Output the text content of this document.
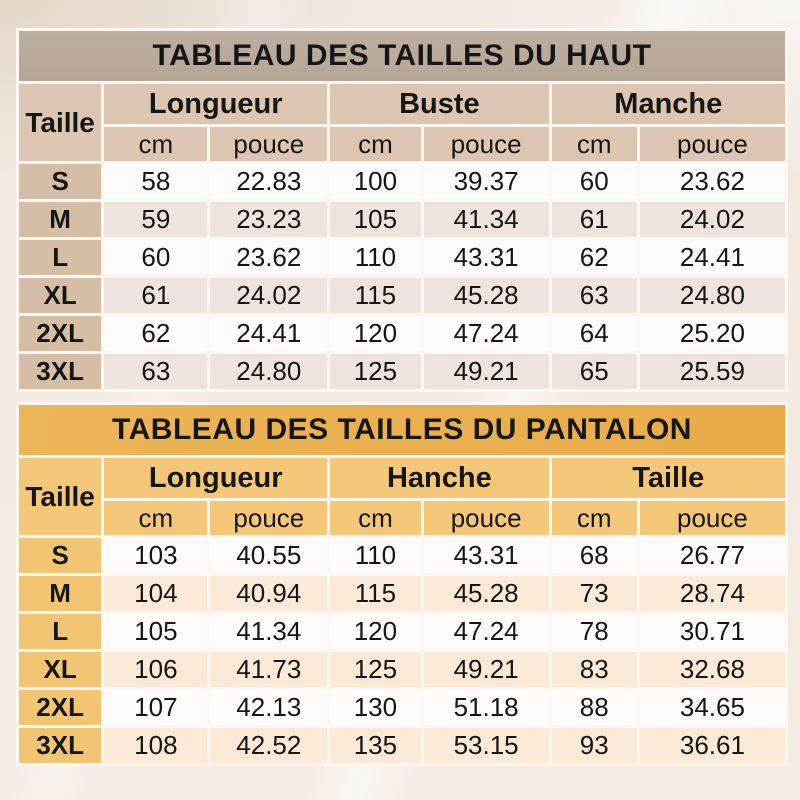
TABLEAU DES TAILLES DU HAUT						
Taille	Longueur		Buste		Manche	
	cm	pouce	cm	pouce	cm	pouce
S	58	22.83	100	39.37	60	23.62
M	59	23.23	105	41.34	61	24.02
L	60	23.62	110	43.31	62	24.41
XL	61	24.02	115	45.28	63	24.80
2XL	62	24.41	120	47.24	64	25.20
3XL	63	24.80	125	49.21	65	25.59
TABLEAU DES TAILLES DU PANTALON						
Taille	Longueur		Hanche		Taille	
	cm	pouce	cm	pouce	cm	pouce
S	103	40.55	110	43.31	68	26.77
M	104	40.94	115	45.28	73	28.74
L	105	41.34	120	47.24	78	30.71
XL	106	41.73	125	49.21	83	32.68
2XL	107	42.13	130	51.18	88	34.65
3XL	108	42.52	135	53.15	93	36.61
